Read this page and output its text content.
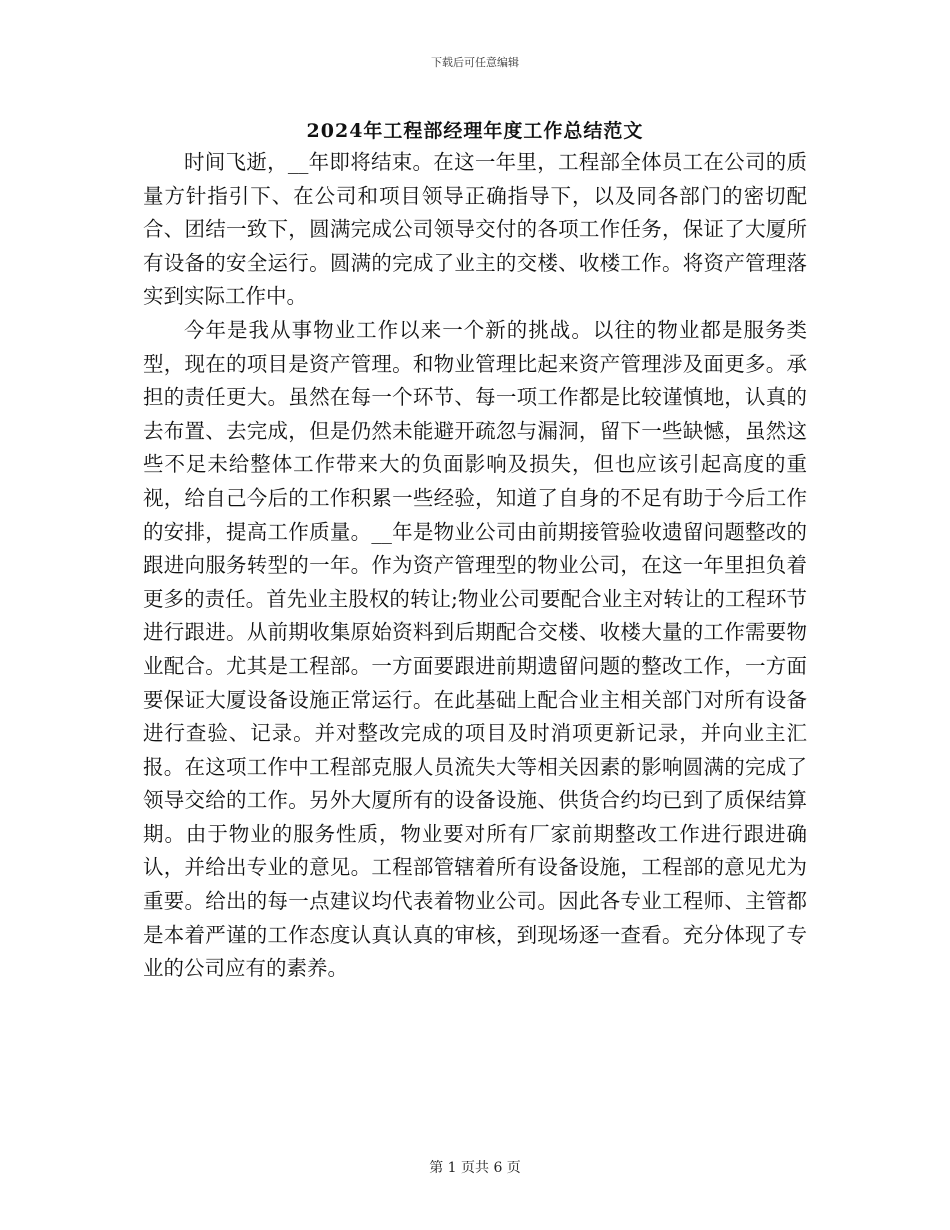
下载后可任意编辑
2024年工程部经理年度工作总结范文

时间飞逝，__年即将结束。在这一年里，工程部全体员工在公司的质量方针指引下、在公司和项目领导正确指导下，以及同各部门的密切配合、团结一致下，圆满完成公司领导交付的各项工作任务，保证了大厦所有设备的安全运行。圆满的完成了业主的交楼、收楼工作。将资产管理落实到实际工作中。

今年是我从事物业工作以来一个新的挑战。以往的物业都是服务类型，现在的项目是资产管理。和物业管理比起来资产管理涉及面更多。承担的责任更大。虽然在每一个环节、每一项工作都是比较谨慎地，认真的去布置、去完成，但是仍然未能避开疏忽与漏洞，留下一些缺憾，虽然这些不足未给整体工作带来大的负面影响及损失，但也应该引起高度的重视，给自己今后的工作积累一些经验，知道了自身的不足有助于今后工作的安排，提高工作质量。__年是物业公司由前期接管验收遗留问题整改的跟进向服务转型的一年。作为资产管理型的物业公司，在这一年里担负着更多的责任。首先业主股权的转让;物业公司要配合业主对转让的工程环节进行跟进。从前期收集原始资料到后期配合交楼、收楼大量的工作需要物业配合。尤其是工程部。一方面要跟进前期遗留问题的整改工作，一方面要保证大厦设备设施正常运行。在此基础上配合业主相关部门对所有设备进行查验、记录。并对整改完成的项目及时消项更新记录，并向业主汇报。在这项工作中工程部克服人员流失大等相关因素的影响圆满的完成了领导交给的工作。另外大厦所有的设备设施、供货合约均已到了质保结算期。由于物业的服务性质，物业要对所有厂家前期整改工作进行跟进确认，并给出专业的意见。工程部管辖着所有设备设施，工程部的意见尤为重要。给出的每一点建议均代表着物业公司。因此各专业工程师、主管都是本着严谨的工作态度认真认真的审核，到现场逐一查看。充分体现了专业的公司应有的素养。

第 1 页共 6 页
